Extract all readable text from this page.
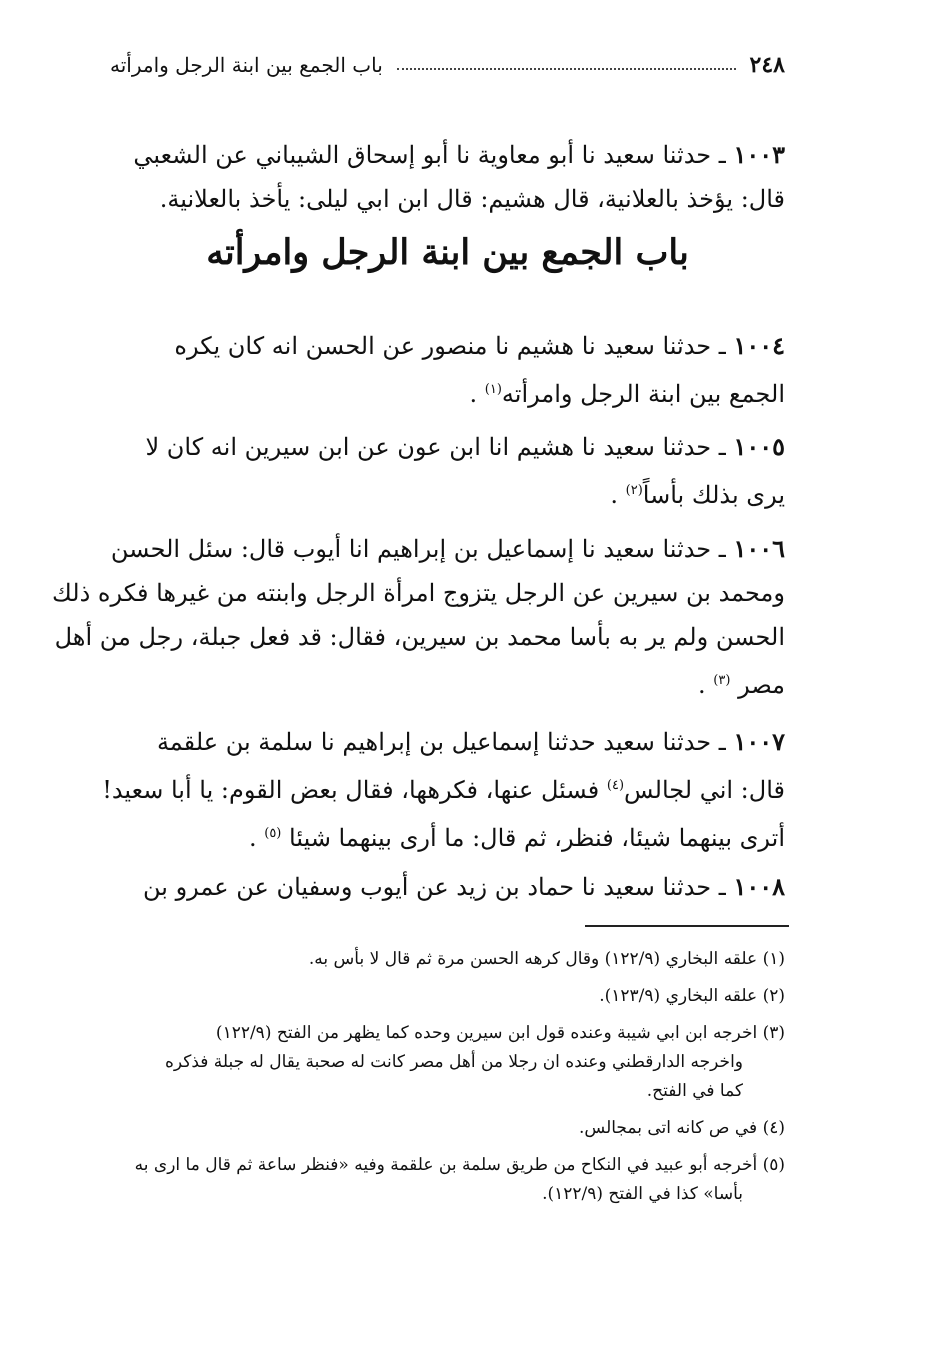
٢٤٨
باب الجمع بين ابنة الرجل وامرأته
١٠٠٣ ـ حدثنا سعيد نا أبو معاوية نا أبو إسحاق الشيباني عن الشعبي
قال: يؤخذ بالعلانية، قال هشيم: قال ابن ابي ليلى: يأخذ بالعلانية.
باب الجمع بين ابنة الرجل وامرأته
١٠٠٤ ـ حدثنا سعيد نا هشيم نا منصور عن الحسن انه كان يكره
الجمع بين ابنة الرجل وامرأته$^{(١)}$ .
١٠٠٥ ـ حدثنا سعيد نا هشيم انا ابن عون عن ابن سيرين انه كان لا
يرى بذلك بأساً$^{(٢)}$ .
١٠٠٦ ـ حدثنا سعيد نا إسماعيل بن إبراهيم انا أيوب قال: سئل الحسن
ومحمد بن سيرين عن الرجل يتزوج امرأة الرجل وابنته من غيرها فكره ذلك
الحسن ولم ير به بأسا محمد بن سيرين، فقال: قد فعل جبلة، رجل من أهل
مصر $^{(٣)}$ .
١٠٠٧ ـ حدثنا سعيد حدثنا إسماعيل بن إبراهيم نا سلمة بن علقمة
قال: اني لجالس$^{(٤)}$ فسئل عنها، فكرهها، فقال بعض القوم: يا أبا سعيد!
أترى بينهما شيئا، فنظر، ثم قال: ما أرى بينهما شيئا $^{(٥)}$ .
١٠٠٨ ـ حدثنا سعيد نا حماد بن زيد عن أيوب وسفيان عن عمرو بن
(١) علقه البخاري (١٢٢/٩) وقال كرهه الحسن مرة ثم قال لا بأس به.
(٢) علقه البخاري (١٢٣/٩).
(٣) اخرجه ابن ابي شيبة وعنده قول ابن سيرين وحده كما يظهر من الفتح (١٢٢/٩)
واخرجه الدارقطني وعنده ان رجلا من أهل مصر كانت له صحبة يقال له جبلة فذكره
كما في الفتح.
(٤) في ص كانه اتى بمجالس.
(٥) أخرجه أبو عبيد في النكاح من طريق سلمة بن علقمة وفيه «فنظر ساعة ثم قال ما ارى به
بأسا» كذا في الفتح (١٢٢/٩).
